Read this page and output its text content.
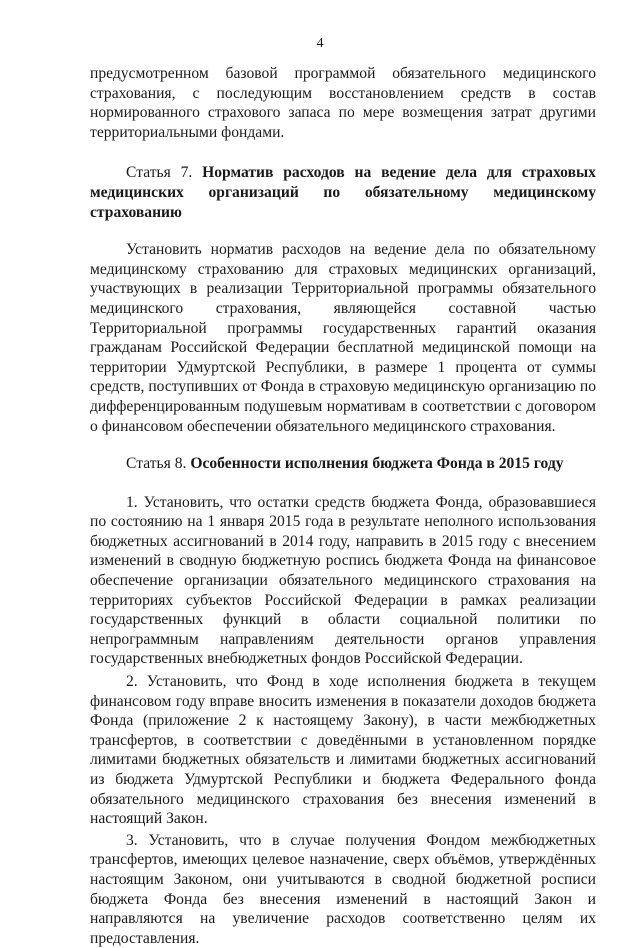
4

предусмотренном базовой программой обязательного медицинского страхования, с последующим восстановлением средств в состав нормированного страхового запаса по мере возмещения затрат другими территориальными фондами.

Статья 7. Норматив расходов на ведение дела для страховых медицинских организаций по обязательному медицинскому страхованию

Установить норматив расходов на ведение дела по обязательному медицинскому страхованию для страховых медицинских организаций, участвующих в реализации Территориальной программы обязательного медицинского страхования, являющейся составной частью Территориальной программы государственных гарантий оказания гражданам Российской Федерации бесплатной медицинской помощи на территории Удмуртской Республики, в размере 1 процента от суммы средств, поступивших от Фонда в страховую медицинскую организацию по дифференцированным подушевым нормативам в соответствии с договором о финансовом обеспечении обязательного медицинского страхования.

Статья 8. Особенности исполнения бюджета Фонда в 2015 году

1. Установить, что остатки средств бюджета Фонда, образовавшиеся по состоянию на 1 января 2015 года в результате неполного использования бюджетных ассигнований в 2014 году, направить в 2015 году с внесением изменений в сводную бюджетную роспись бюджета Фонда на финансовое обеспечение организации обязательного медицинского страхования на территориях субъектов Российской Федерации в рамках реализации государственных функций в области социальной политики по непрограммным направлениям деятельности органов управления государственных внебюджетных фондов Российской Федерации.

2. Установить, что Фонд в ходе исполнения бюджета в текущем финансовом году вправе вносить изменения в показатели доходов бюджета Фонда (приложение 2 к настоящему Закону), в части межбюджетных трансфертов, в соответствии с доведёнными в установленном порядке лимитами бюджетных обязательств и лимитами бюджетных ассигнований из бюджета Удмуртской Республики и бюджета Федерального фонда обязательного медицинского страхования без внесения изменений в настоящий Закон.

3. Установить, что в случае получения Фондом межбюджетных трансфертов, имеющих целевое назначение, сверх объёмов, утверждённых настоящим Законом, они учитываются в сводной бюджетной росписи бюджета Фонда без внесения изменений в настоящий Закон и направляются на увеличение расходов соответственно целям их предоставления.
